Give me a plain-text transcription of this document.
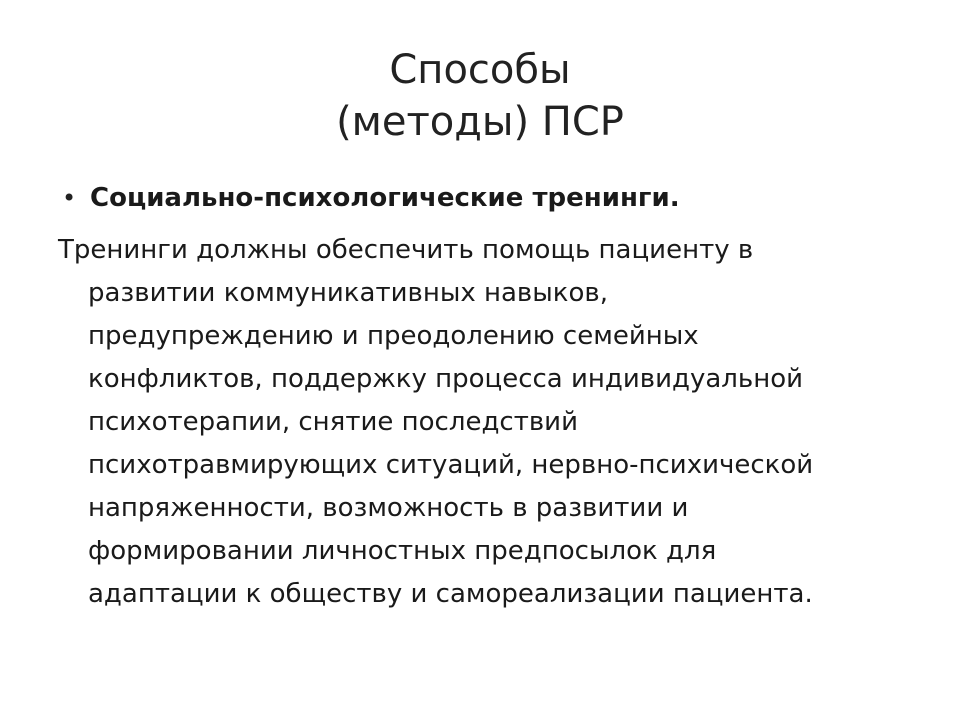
Способы
(методы) ПСР
• Социально-психологические тренинги.

Тренинги должны обеспечить помощь пациенту в
развитии коммуникативных навыков,
предупреждению и преодолению семейных
конфликтов, поддержку процесса индивидуальной
психотерапии, снятие последствий
психотравмирующих ситуаций, нервно-психической
напряженности, возможность в развитии и
формировании личностных предпосылок для
адаптации к обществу и самореализации пациента.
